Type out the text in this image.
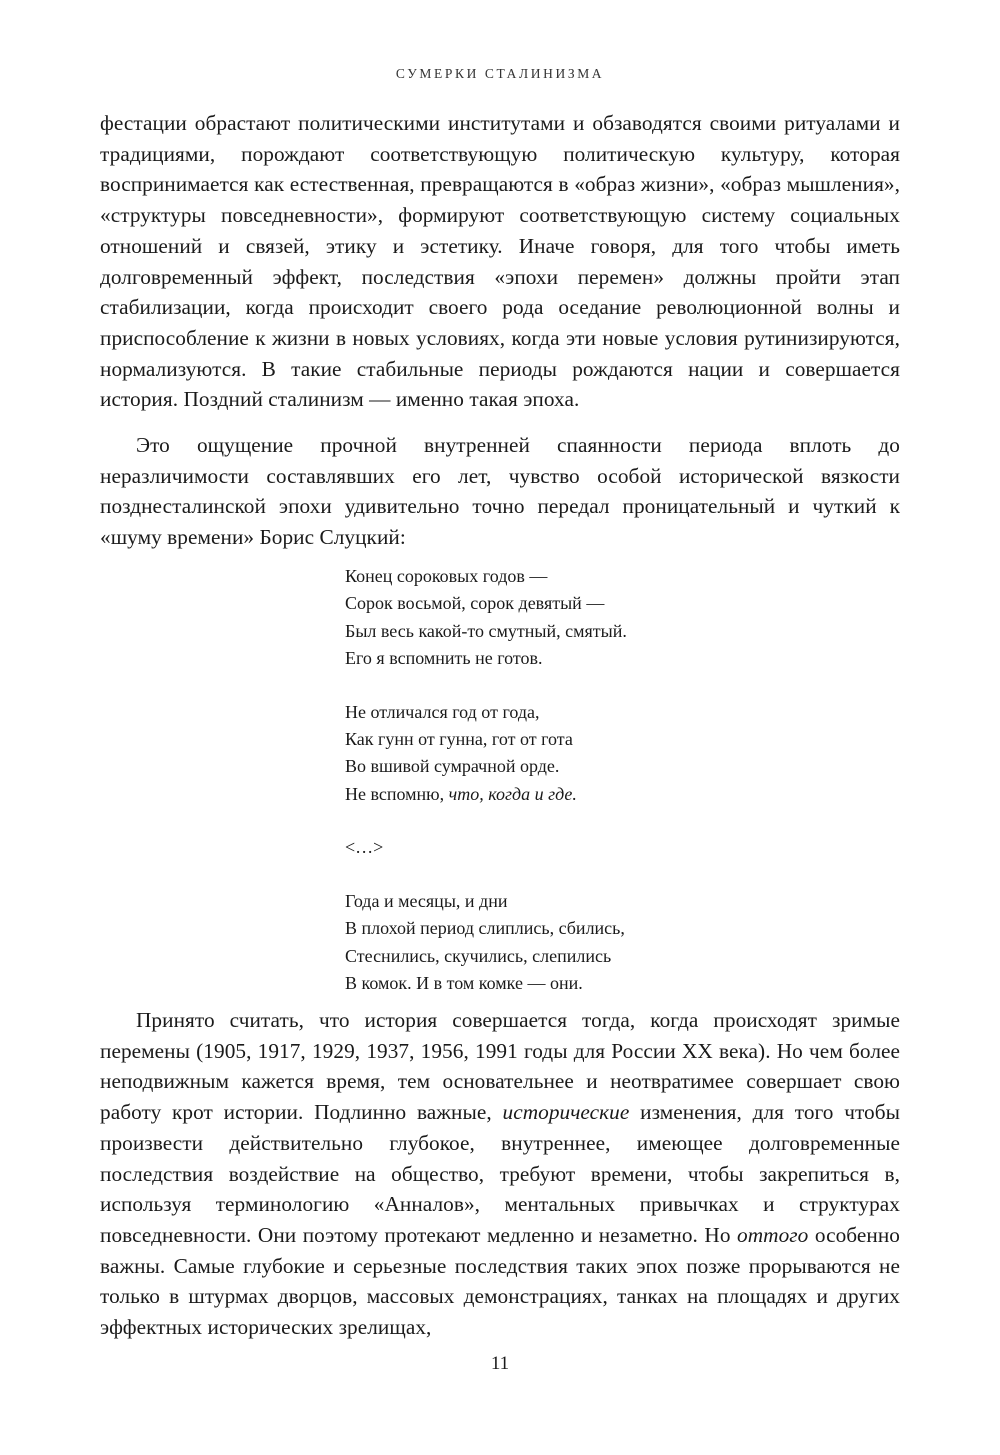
СУМЕРКИ СТАЛИНИЗМА

фестации обрастают политическими институтами и обзаводятся своими ритуалами и традициями, порождают соответствующую политическую культуру, которая воспринимается как естественная, превращаются в «образ жизни», «образ мышления», «структуры повседневности», формируют соответствующую систему социальных отношений и связей, этику и эстетику. Иначе говоря, для того чтобы иметь долговременный эффект, последствия «эпохи перемен» должны пройти этап стабилизации, когда происходит своего рода оседание революционной волны и приспособление к жизни в новых условиях, когда эти новые условия рутинизируются, нормализуются. В такие стабильные периоды рождаются нации и совершается история. Поздний сталинизм — именно такая эпоха.

Это ощущение прочной внутренней спаянности периода вплоть до неразличимости составлявших его лет, чувство особой исторической вязкости позднесталинской эпохи удивительно точно передал проницательный и чуткий к «шуму времени» Борис Слуцкий:

Конец сороковых годов —
Сорок восьмой, сорок девятый —
Был весь какой-то смутный, смятый.
Его я вспомнить не готов.
Не отличался год от года,
Как гунн от гунна, гот от гота
Во вшивой сумрачной орде.
Не вспомню, что, когда и где.
<…>
Года и месяцы, и дни
В плохой период слиплись, сбились,
Стеснились, скучились, слепились
В комок. И в том комке — они.

Принято считать, что история совершается тогда, когда происходят зримые перемены (1905, 1917, 1929, 1937, 1956, 1991 годы для России XX века). Но чем более неподвижным кажется время, тем основательнее и неотвратимее совершает свою работу крот истории. Подлинно важные, исторические изменения, для того чтобы произвести действительно глубокое, внутреннее, имеющее долговременные последствия воздействие на общество, требуют времени, чтобы закрепиться в, используя терминологию «Анналов», ментальных привычках и структурах повседневности. Они поэтому протекают медленно и незаметно. Но оттого особенно важны. Самые глубокие и серьезные последствия таких эпох позже прорываются не только в штурмах дворцов, массовых демонстрациях, танках на площадях и других эффектных исторических зрелищах,

11
